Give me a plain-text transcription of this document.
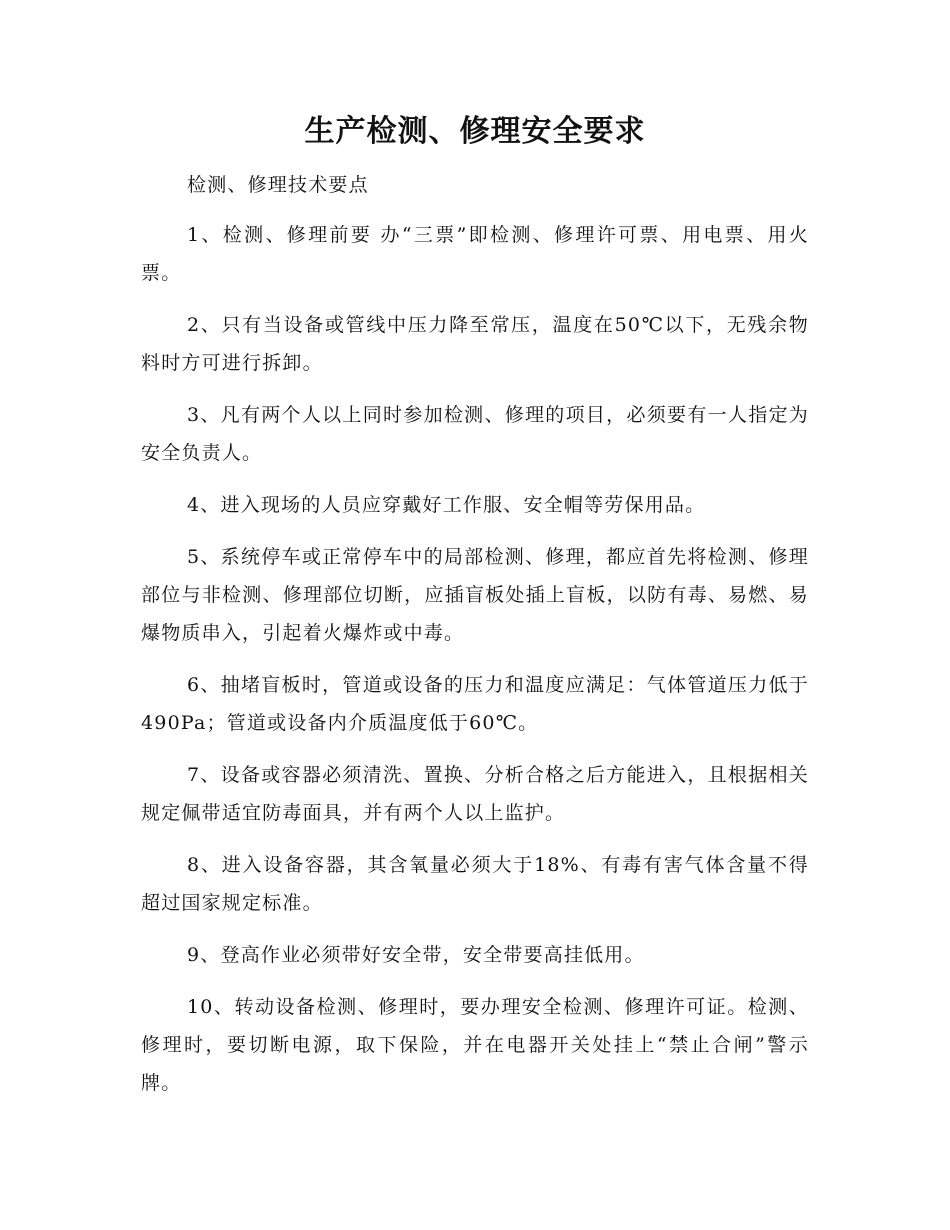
生产检测、修理安全要求

检测、修理技术要点

1、检测、修理前要 办“三票”即检测、修理许可票、用电票、用火票。

2、只有当设备或管线中压力降至常压，温度在50℃以下，无残余物料时方可进行拆卸。

3、凡有两个人以上同时参加检测、修理的项目，必须要有一人指定为安全负责人。

4、进入现场的人员应穿戴好工作服、安全帽等劳保用品。

5、系统停车或正常停车中的局部检测、修理，都应首先将检测、修理部位与非检测、修理部位切断，应插盲板处插上盲板，以防有毒、易燃、易爆物质串入，引起着火爆炸或中毒。

6、抽堵盲板时，管道或设备的压力和温度应满足：气体管道压力低于490Pa；管道或设备内介质温度低于60℃。

7、设备或容器必须清洗、置换、分析合格之后方能进入，且根据相关规定佩带适宜防毒面具，并有两个人以上监护。

8、进入设备容器，其含氧量必须大于18%、有毒有害气体含量不得超过国家规定标准。

9、登高作业必须带好安全带，安全带要高挂低用。

10、转动设备检测、修理时，要办理安全检测、修理许可证。检测、修理时，要切断电源，取下保险，并在电器开关处挂上“禁止合闸”警示牌。
